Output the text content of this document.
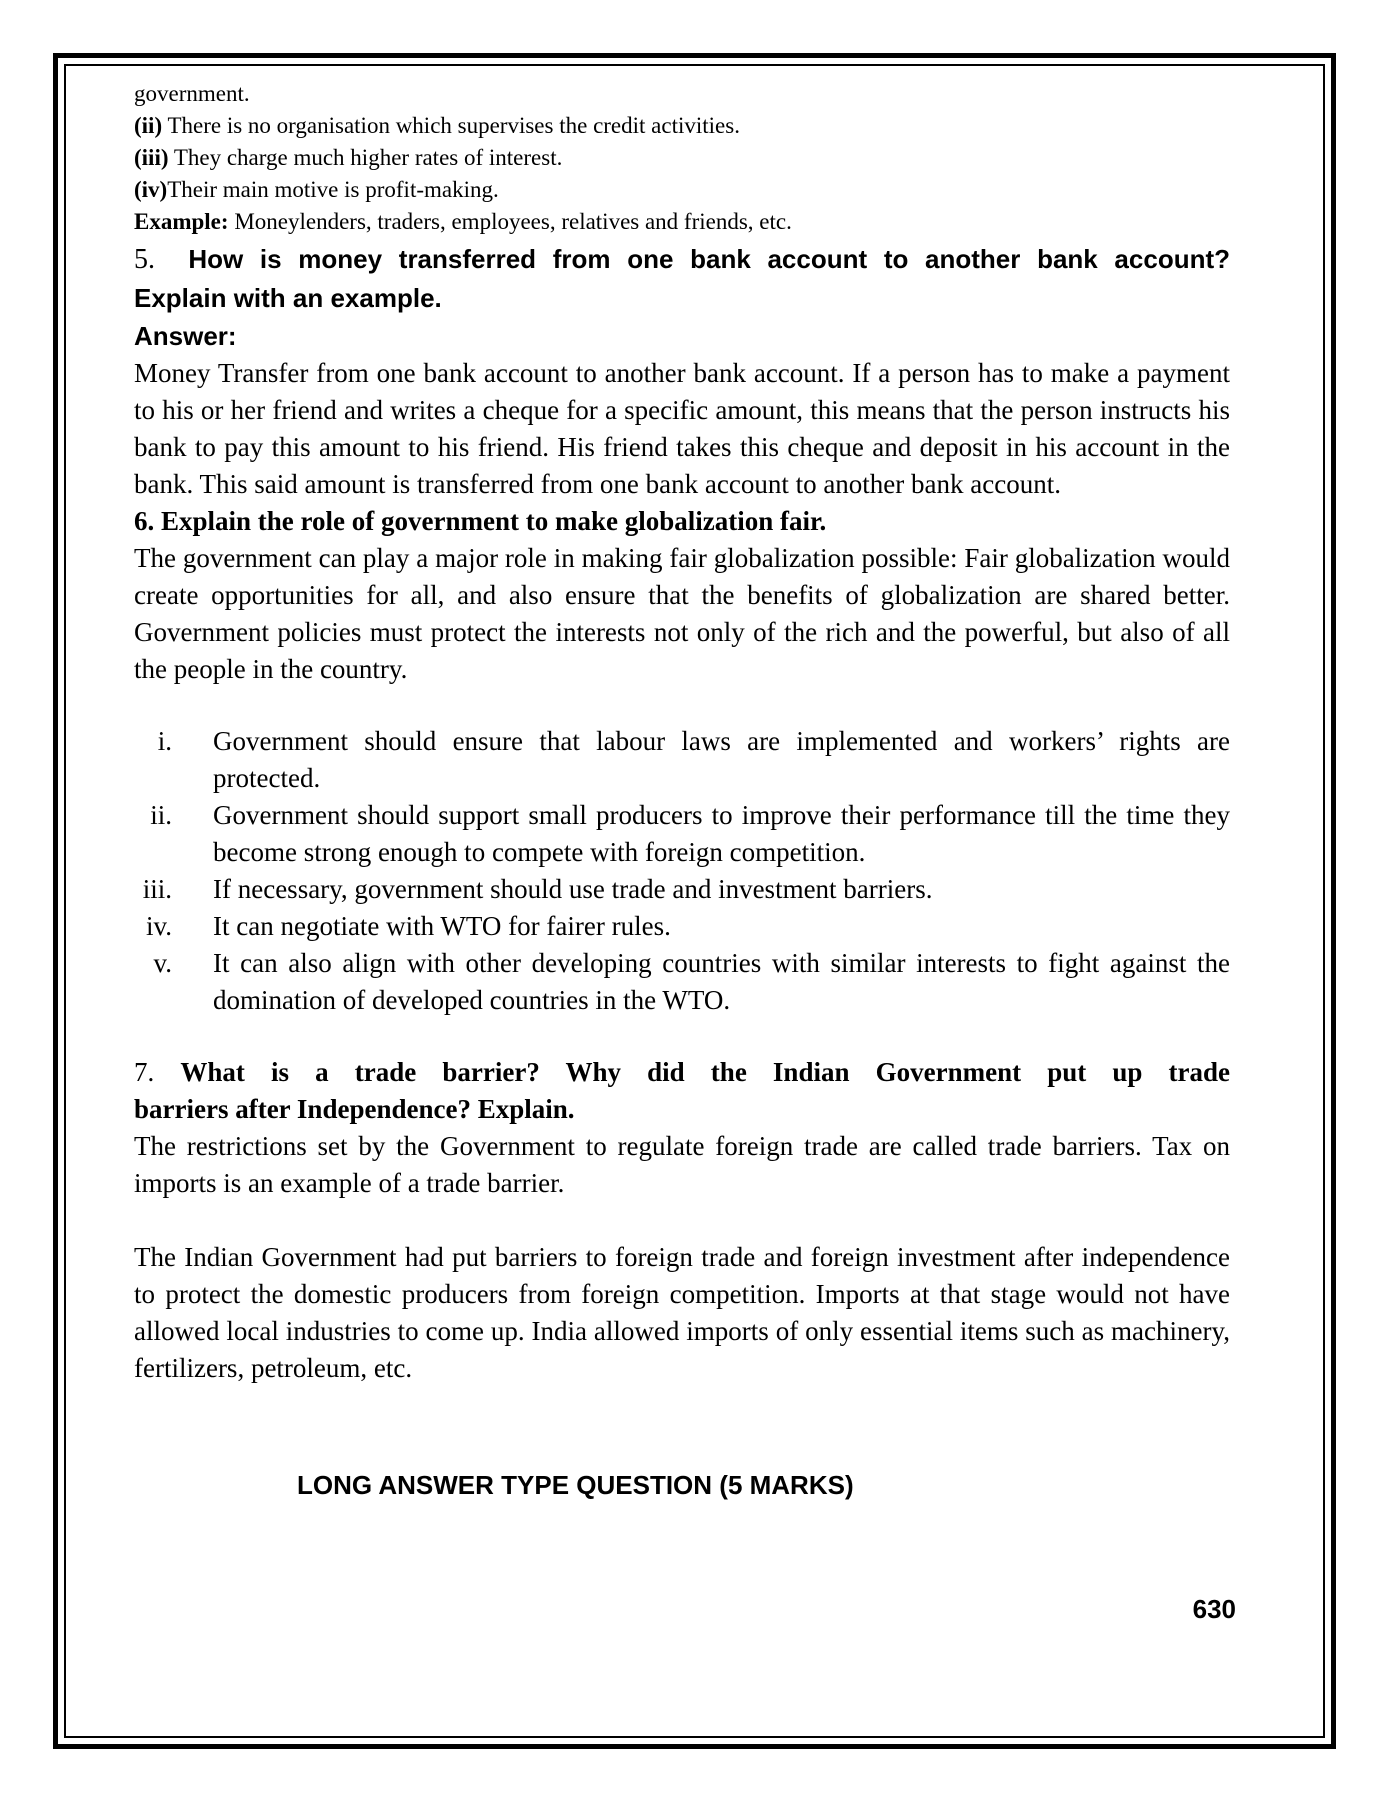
government.

(ii) There is no organisation which supervises the credit activities.

(iii) They charge much higher rates of interest.

(iv)Their main motive is profit-making.

Example: Moneylenders, traders, employees, relatives and friends, etc.

5. How is money transferred from one bank account to another bank account?

Explain with an example.

Answer:

Money Transfer from one bank account to another bank account. If a person has to make a payment to his or her friend and writes a cheque for a specific amount, this means that the person instructs his bank to pay this amount to his friend. His friend takes this cheque and deposit in his account in the bank. This said amount is transferred from one bank account to another bank account.

6. Explain the role of government to make globalization fair.

The government can play a major role in making fair globalization possible: Fair globalization would create opportunities for all, and also ensure that the benefits of globalization are shared better. Government policies must protect the interests not only of the rich and the powerful, but also of all the people in the country.

i. Government should ensure that labour laws are implemented and workers’ rights are protected.
ii. Government should support small producers to improve their performance till the time they become strong enough to compete with foreign competition.
iii. If necessary, government should use trade and investment barriers.
iv. It can negotiate with WTO for fairer rules.
v. It can also align with other developing countries with similar interests to fight against the domination of developed countries in the WTO.

7. What is a trade barrier? Why did the Indian Government put up trade

barriers after Independence? Explain.

The restrictions set by the Government to regulate foreign trade are called trade barriers. Tax on imports is an example of a trade barrier.

The Indian Government had put barriers to foreign trade and foreign investment after independence to protect the domestic producers from foreign competition. Imports at that stage would not have allowed local industries to come up. India allowed imports of only essential items such as machinery, fertilizers, petroleum, etc.

LONG ANSWER TYPE QUESTION (5 MARKS)

630
